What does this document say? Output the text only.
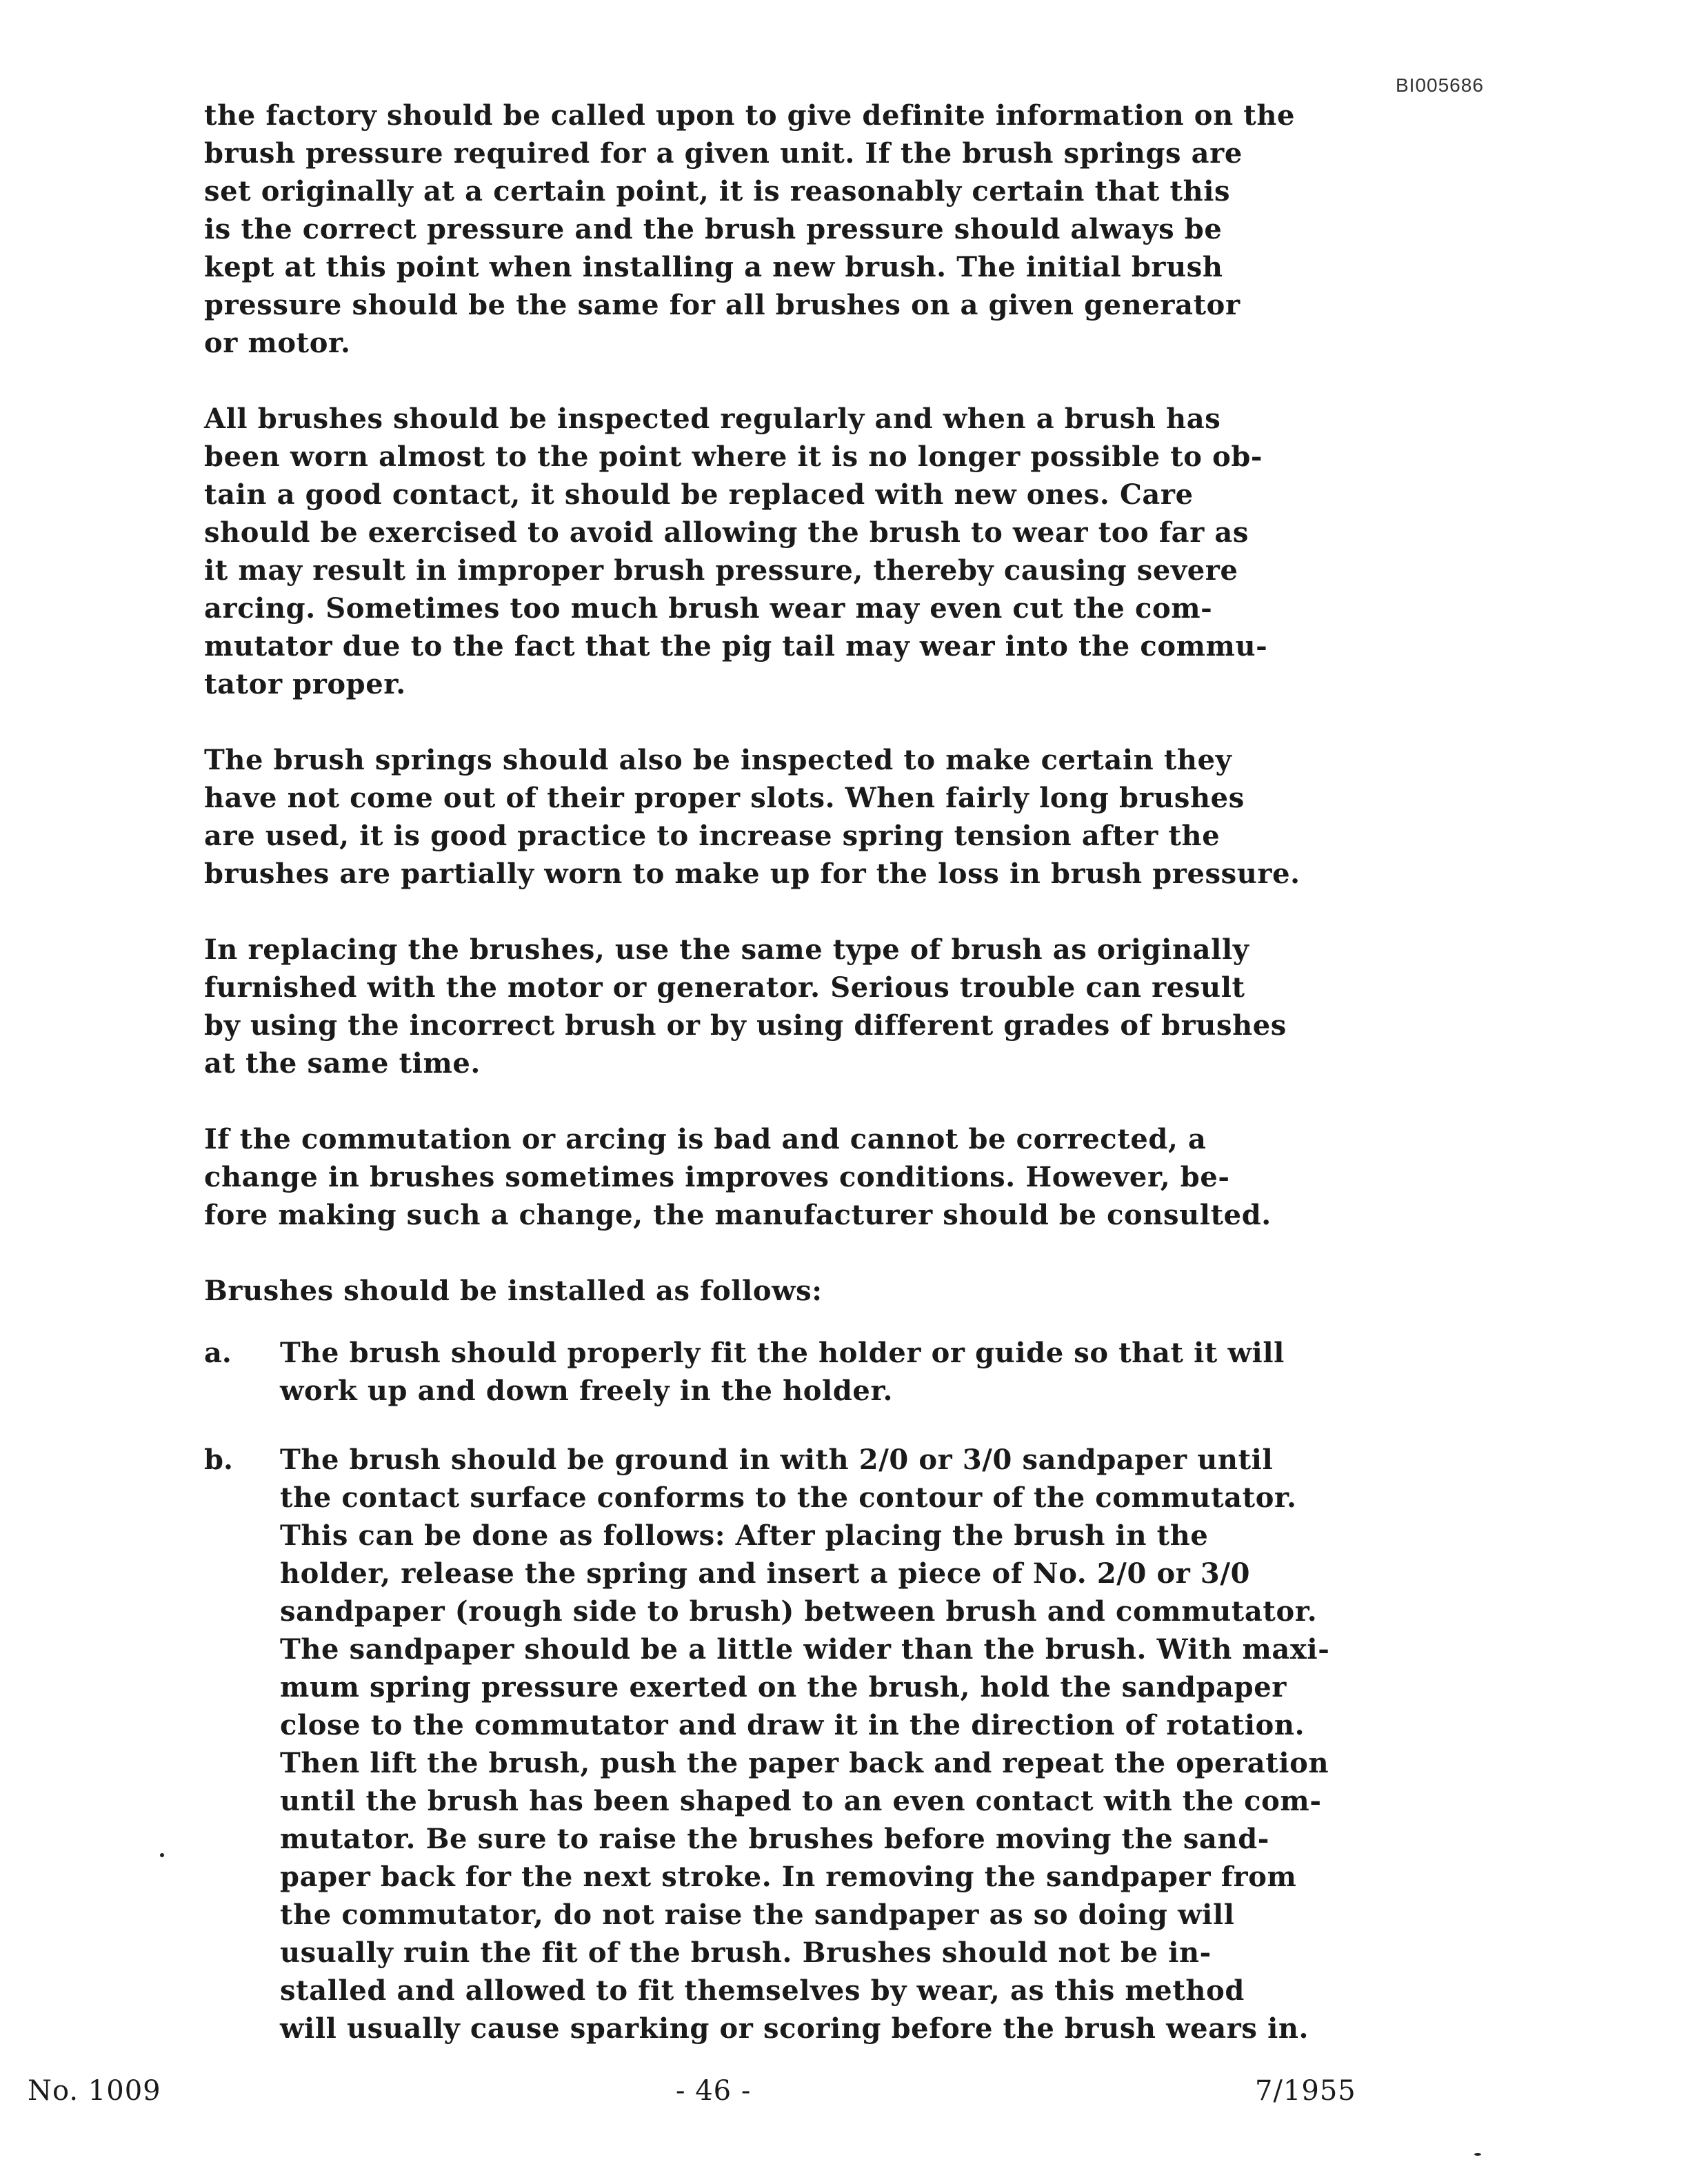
BI005686

the factory should be called upon to give definite information on the
brush pressure required for a given unit. If the brush springs are
set originally at a certain point, it is reasonably certain that this
is the correct pressure and the brush pressure should always be
kept at this point when installing a new brush. The initial brush
pressure should be the same for all brushes on a given generator
or motor.

All brushes should be inspected regularly and when a brush has
been worn almost to the point where it is no longer possible to ob-
tain a good contact, it should be replaced with new ones. Care
should be exercised to avoid allowing the brush to wear too far as
it may result in improper brush pressure, thereby causing severe
arcing. Sometimes too much brush wear may even cut the com-
mutator due to the fact that the pig tail may wear into the commu-
tator proper.

The brush springs should also be inspected to make certain they
have not come out of their proper slots. When fairly long brushes
are used, it is good practice to increase spring tension after the
brushes are partially worn to make up for the loss in brush pressure.

In replacing the brushes, use the same type of brush as originally
furnished with the motor or generator. Serious trouble can result
by using the incorrect brush or by using different grades of brushes
at the same time.

If the commutation or arcing is bad and cannot be corrected, a
change in brushes sometimes improves conditions. However, be-
fore making such a change, the manufacturer should be consulted.

Brushes should be installed as follows:

a.	The brush should properly fit the holder or guide so that it will
work up and down freely in the holder.
b.	The brush should be ground in with 2/0 or 3/0 sandpaper until
the contact surface conforms to the contour of the commutator.
This can be done as follows: After placing the brush in the
holder, release the spring and insert a piece of No. 2/0 or 3/0
sandpaper (rough side to brush) between brush and commutator.
The sandpaper should be a little wider than the brush. With maxi-
mum spring pressure exerted on the brush, hold the sandpaper
close to the commutator and draw it in the direction of rotation.
Then lift the brush, push the paper back and repeat the operation
until the brush has been shaped to an even contact with the com-
mutator. Be sure to raise the brushes before moving the sand-
paper back for the next stroke. In removing the sandpaper from
the commutator, do not raise the sandpaper as so doing will
usually ruin the fit of the brush. Brushes should not be in-
stalled and allowed to fit themselves by wear, as this method
will usually cause sparking or scoring before the brush wears in.
No. 1009	- 46 -	7/1955
